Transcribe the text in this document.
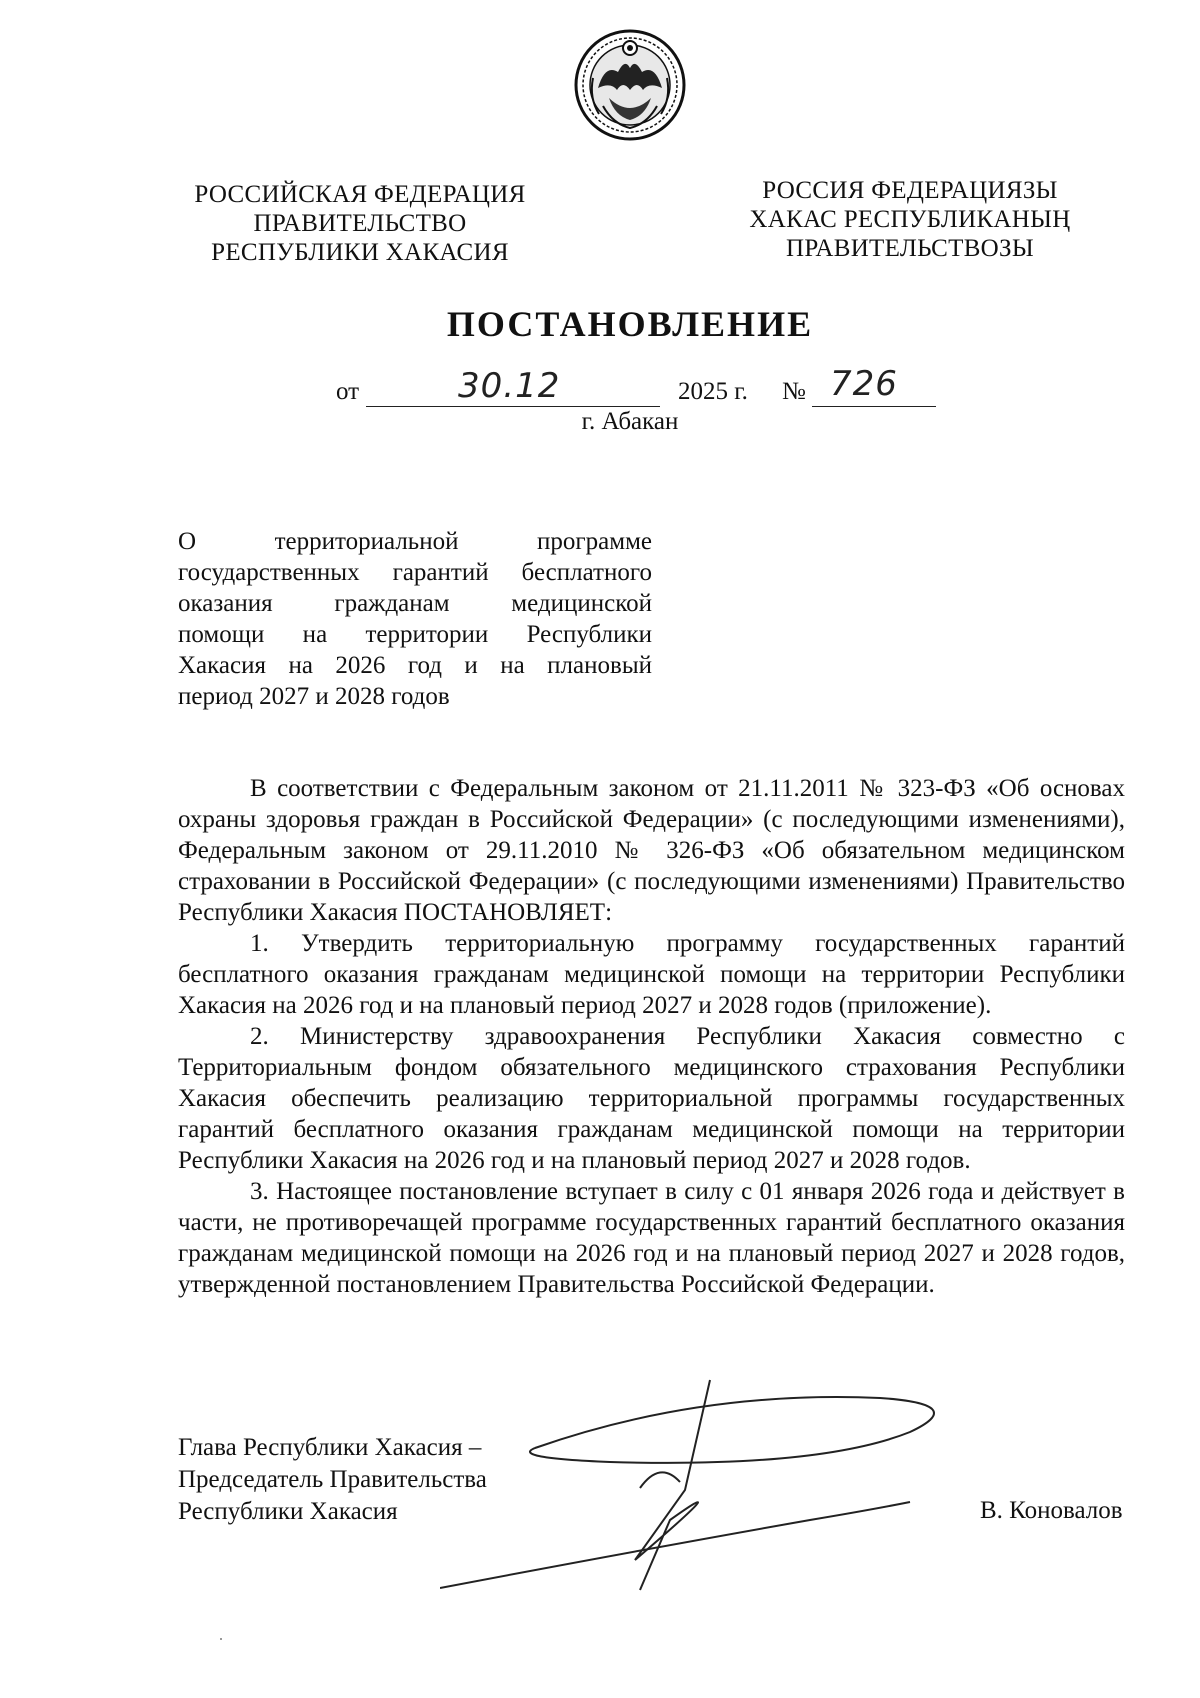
РОССИЙСКАЯ ФЕДЕРАЦИЯ
ПРАВИТЕЛЬСТВО
РЕСПУБЛИКИ ХАКАСИЯ
РОССИЯ ФЕДЕРАЦИЯЗЫ
ХАКАС РЕСПУБЛИКАНЫҢ
ПРАВИТЕЛЬСТВОЗЫ
ПОСТАНОВЛЕНИЕ
от	30.12	2025 г. № 726
г. Абакан
О территориальной программе
государственных гарантий бесплатного
оказания гражданам медицинской
помощи на территории Республики
Хакасия на 2026 год и на плановый
период 2027 и 2028 годов

В соответствии с Федеральным законом от 21.11.2011 № 323-ФЗ «Об основах охраны здоровья граждан в Российской Федерации» (с последующими изменениями), Федеральным законом от 29.11.2010 № 326-ФЗ «Об обязательном медицинском страховании в Российской Федерации» (с последующими изменениями) Правительство Республики Хакасия ПОСТАНОВЛЯЕТ:

1. Утвердить территориальную программу государственных гарантий бесплатного оказания гражданам медицинской помощи на территории Республики Хакасия на 2026 год и на плановый период 2027 и 2028 годов (приложение).

2. Министерству здравоохранения Республики Хакасия совместно с Территориальным фондом обязательного медицинского страхования Республики Хакасия обеспечить реализацию территориальной программы государственных гарантий бесплатного оказания гражданам медицинской помощи на территории Республики Хакасия на 2026 год и на плановый период 2027 и 2028 годов.

3. Настоящее постановление вступает в силу с 01 января 2026 года и действует в части, не противоречащей программе государственных гарантий бесплатного оказания гражданам медицинской помощи на 2026 год и на плановый период 2027 и 2028 годов, утвержденной постановлением Правительства Российской Федерации.

Глава Республики Хакасия –
Председатель Правительства
Республики Хакасия	В. Коновалов
